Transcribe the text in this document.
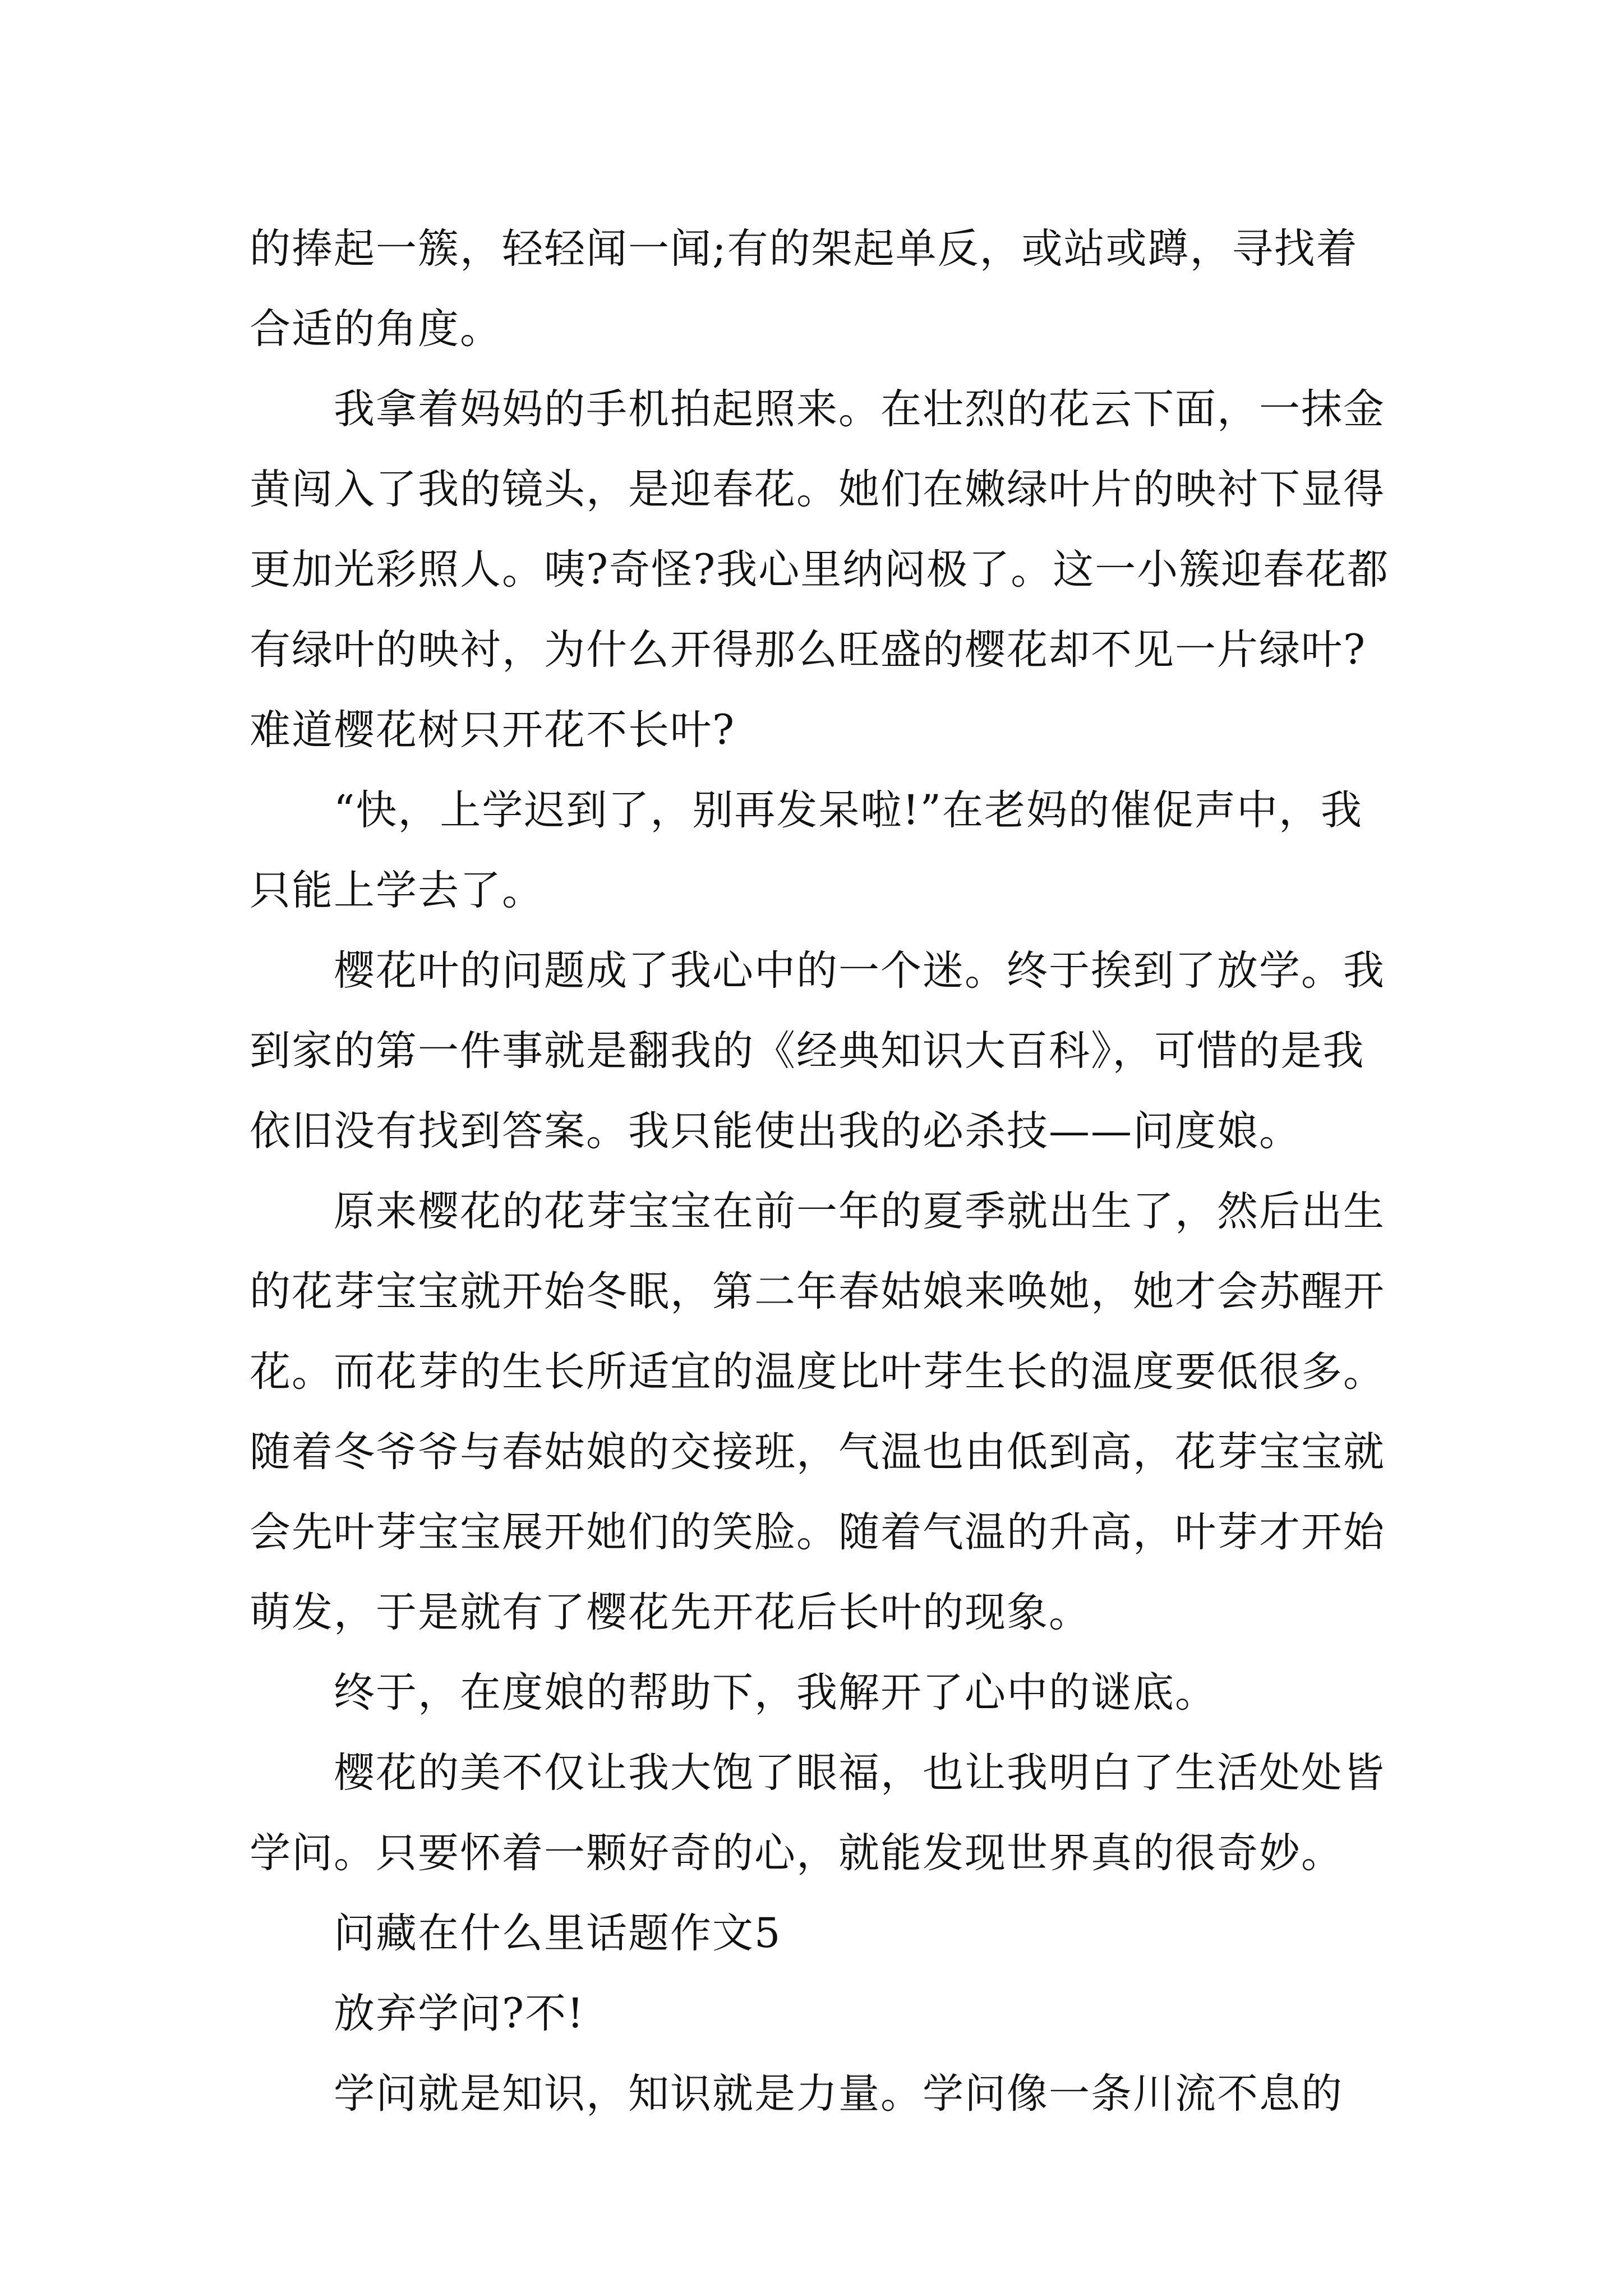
的捧起一簇，轻轻闻一闻;有的架起单反，或站或蹲，寻找着合适的角度。

我拿着妈妈的手机拍起照来。在壮烈的花云下面，一抹金黄闯入了我的镜头，是迎春花。她们在嫩绿叶片的映衬下显得更加光彩照人。咦?奇怪?我心里纳闷极了。这一小簇迎春花都有绿叶的映衬，为什么开得那么旺盛的樱花却不见一片绿叶?难道樱花树只开花不长叶?

“快，上学迟到了，别再发呆啦!”在老妈的催促声中，我只能上学去了。

樱花叶的问题成了我心中的一个迷。终于挨到了放学。我到家的第一件事就是翻我的《经典知识大百科》，可惜的是我依旧没有找到答案。我只能使出我的必杀技——问度娘。

原来樱花的花芽宝宝在前一年的夏季就出生了，然后出生的花芽宝宝就开始冬眠，第二年春姑娘来唤她，她才会苏醒开花。而花芽的生长所适宜的温度比叶芽生长的温度要低很多。随着冬爷爷与春姑娘的交接班，气温也由低到高，花芽宝宝就会先叶芽宝宝展开她们的笑脸。随着气温的升高，叶芽才开始萌发，于是就有了樱花先开花后长叶的现象。

终于，在度娘的帮助下，我解开了心中的谜底。

樱花的美不仅让我大饱了眼福，也让我明白了生活处处皆学问。只要怀着一颗好奇的心，就能发现世界真的很奇妙。

问藏在什么里话题作文5

放弃学问?不!

学问就是知识，知识就是力量。学问像一条川流不息的
